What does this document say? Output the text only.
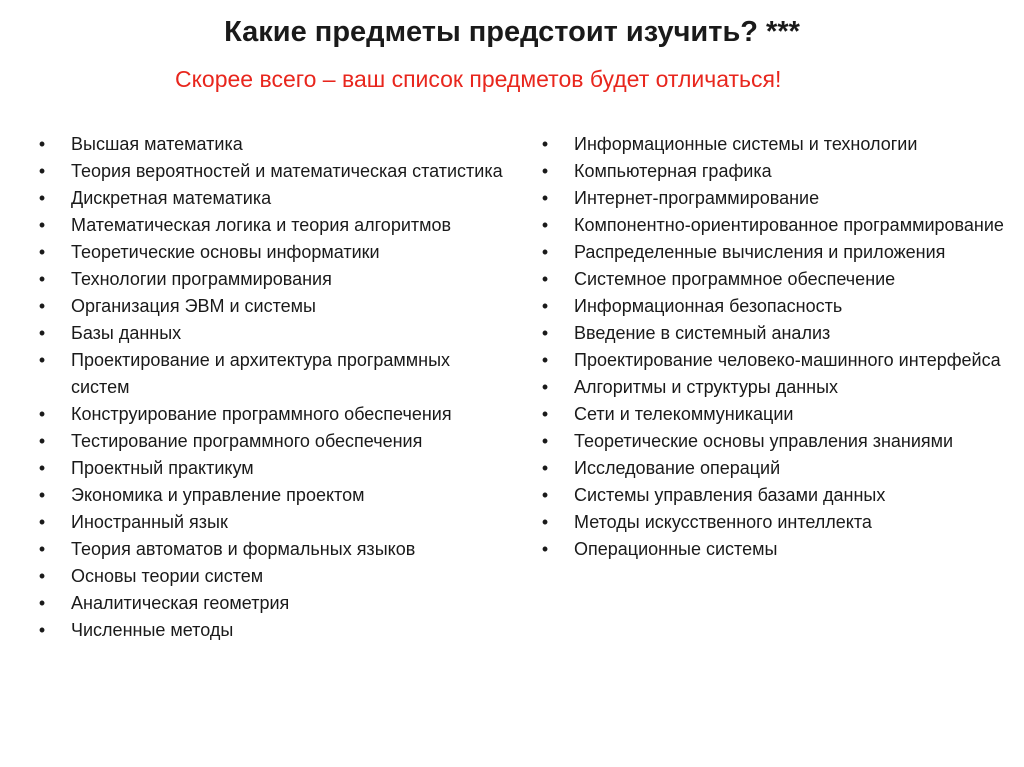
Какие предметы предстоит изучить? ***

Скорее всего – ваш список предметов будет отличаться!

• Высшая математика
• Теория вероятностей и математическая статистика
• Дискретная математика
• Математическая логика и теория алгоритмов
• Теоретические основы информатики
• Технологии программирования
• Организация ЭВМ и системы
• Базы данных
• Проектирование и архитектура программных систем
• Конструирование программного обеспечения
• Тестирование программного обеспечения
• Проектный практикум
• Экономика и управление проектом
• Иностранный язык
• Теория автоматов и формальных языков
• Основы теории систем
• Аналитическая геометрия
• Численные методы
• Информационные системы и технологии
• Компьютерная графика
• Интернет-программирование
• Компонентно-ориентированное программирование
• Распределенные вычисления и приложения
• Системное программное обеспечение
• Информационная безопасность
• Введение в системный анализ
• Проектирование человеко-машинного интерфейса
• Алгоритмы и структуры данных
• Сети и телекоммуникации
• Теоретические основы управления знаниями
• Исследование операций
• Системы управления базами данных
• Методы искусственного интеллекта
• Операционные системы
